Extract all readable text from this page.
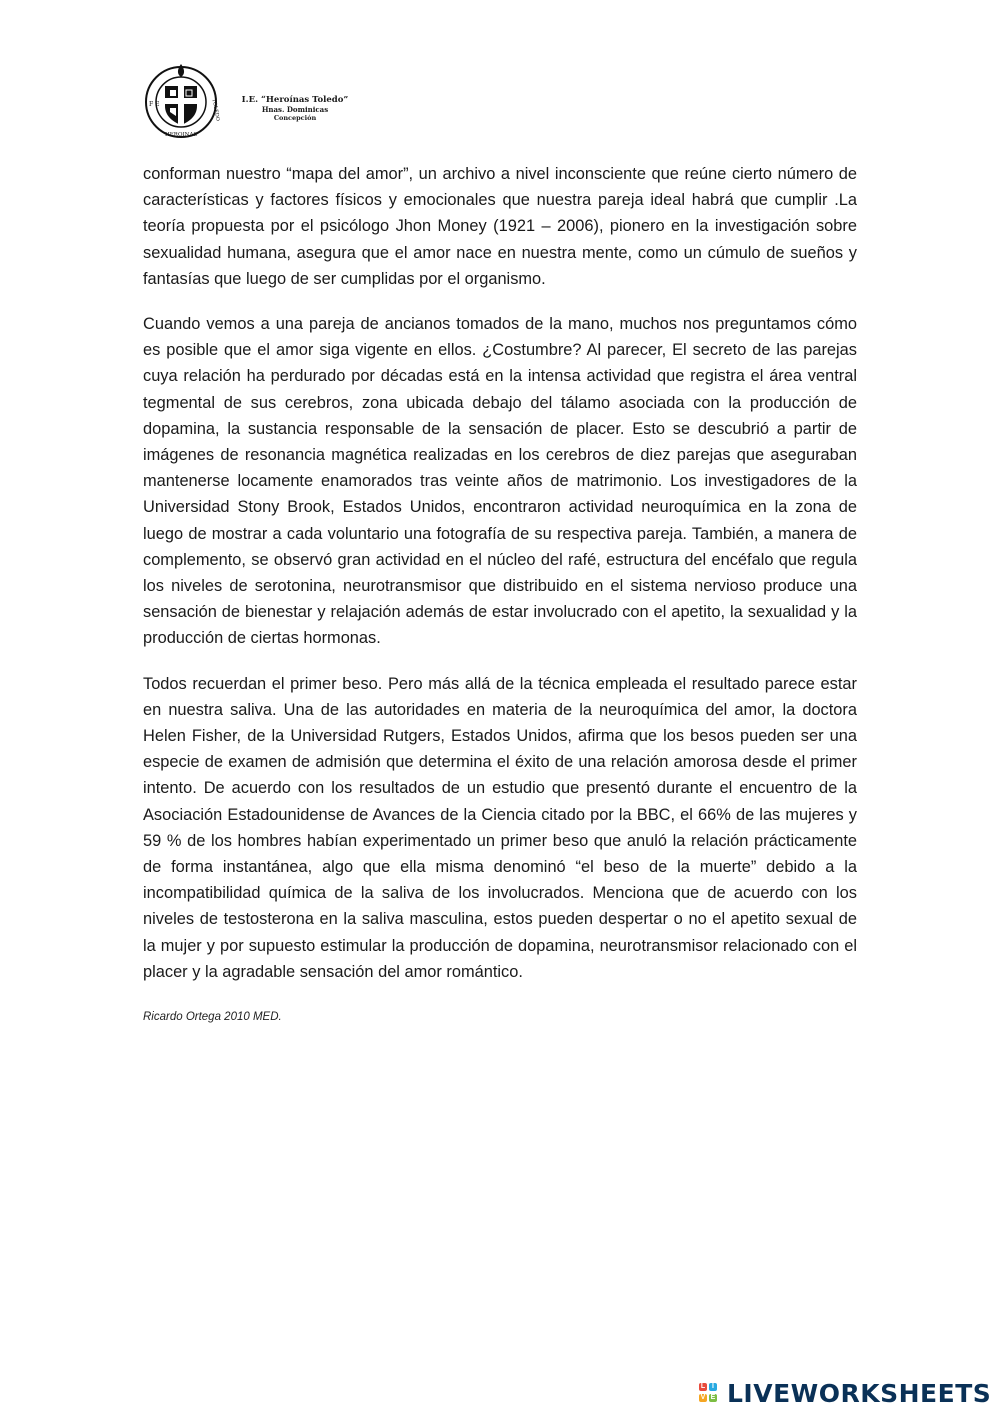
F E	TOLEDO
HEROINAS
I.E. “Heroínas Toledo”
Hnas. Dominicas
Concepción

conforman nuestro “mapa del amor”, un archivo a nivel inconsciente que reúne cierto número de características y factores físicos y emocionales que nuestra pareja ideal habrá que cumplir .La teoría propuesta por el psicólogo Jhon Money (1921 – 2006), pionero en la investigación sobre sexualidad humana, asegura que el amor nace en nuestra mente, como un cúmulo de sueños y fantasías que luego de ser cumplidas por el organismo.

Cuando vemos a una pareja de ancianos tomados de la mano, muchos nos preguntamos cómo es posible que el amor siga vigente en ellos. ¿Costumbre? Al parecer, El secreto de las parejas cuya relación ha perdurado por décadas está en la intensa actividad que registra el área ventral tegmental de sus cerebros, zona ubicada debajo del tálamo asociada con la producción de dopamina, la sustancia responsable de la sensación de placer. Esto se descubrió a partir de imágenes de resonancia magnética realizadas en los cerebros de diez parejas que aseguraban mantenerse locamente enamorados tras veinte años de matrimonio. Los investigadores de la Universidad Stony Brook, Estados Unidos, encontraron actividad neuroquímica en la zona de luego de mostrar a cada voluntario una fotografía de su respectiva pareja. También, a manera de complemento, se observó gran actividad en el núcleo del rafé, estructura del encéfalo que regula los niveles de serotonina, neurotransmisor que distribuido en el sistema nervioso produce una sensación de bienestar y relajación además de estar involucrado con el apetito, la sexualidad y la producción de ciertas hormonas.

Todos recuerdan el primer beso. Pero más allá de la técnica empleada el resultado parece estar en nuestra saliva. Una de las autoridades en materia de la neuroquímica del amor, la doctora Helen Fisher, de la Universidad Rutgers, Estados Unidos, afirma que los besos pueden ser una especie de examen de admisión que determina el éxito de una relación amorosa desde el primer intento. De acuerdo con los resultados de un estudio que presentó durante el encuentro de la Asociación Estadounidense de Avances de la Ciencia citado por la BBC, el 66% de las mujeres y 59 % de los hombres habían experimentado un primer beso que anuló la relación prácticamente de forma instantánea, algo que ella misma denominó “el beso de la muerte” debido a la incompatibilidad química de la saliva de los involucrados. Menciona que de acuerdo con los niveles de testosterona en la saliva masculina, estos pueden despertar o no el apetito sexual de la mujer y por supuesto estimular la producción de dopamina, neurotransmisor relacionado con el placer y la agradable sensación del amor romántico.

Ricardo Ortega 2010 MED.
L I
V E LIVEWORKSHEETS
